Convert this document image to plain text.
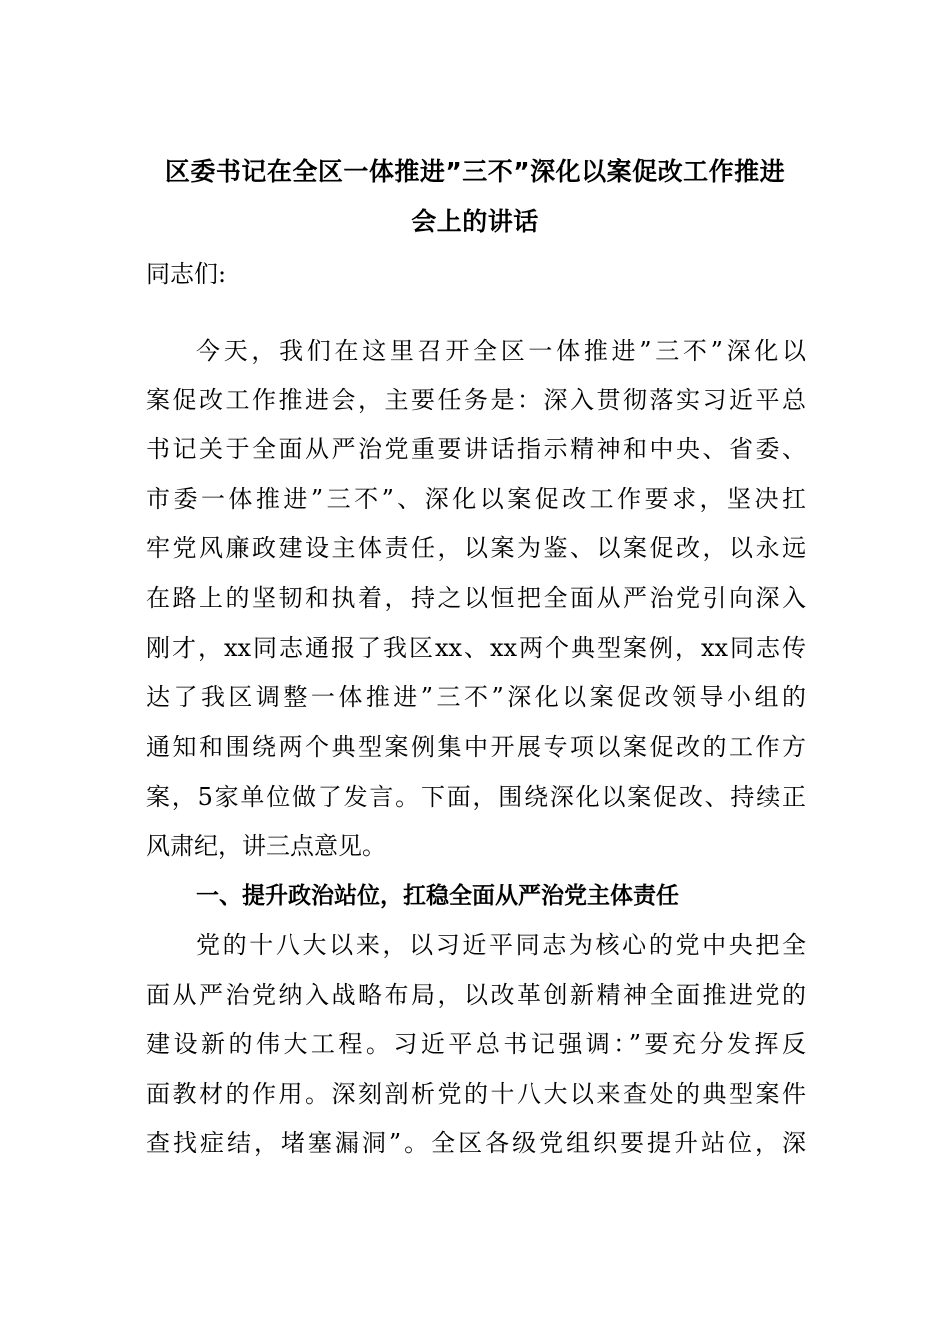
区委书记在全区一体推进”三不”深化以案促改工作推进
会上的讲话
同志们:
今天，我们在这里召开全区一体推进”三不”深化以
案促改工作推进会，主要任务是：深入贯彻落实习近平总
书记关于全面从严治党重要讲话指示精神和中央、省委、
市委一体推进”三不”、深化以案促改工作要求，坚决扛
牢党风廉政建设主体责任，以案为鉴、以案促改，以永远
在路上的坚韧和执着，持之以恒把全面从严治党引向深入
刚才，xx同志通报了我区xx、xx两个典型案例，xx同志传
达了我区调整一体推进”三不”深化以案促改领导小组的
通知和围绕两个典型案例集中开展专项以案促改的工作方
案，5家单位做了发言。下面，围绕深化以案促改、持续正
风肃纪，讲三点意见。
一、提升政治站位，扛稳全面从严治党主体责任
党的十八大以来，以习近平同志为核心的党中央把全
面从严治党纳入战略布局，以改革创新精神全面推进党的
建设新的伟大工程。习近平总书记强调：”要充分发挥反
面教材的作用。深刻剖析党的十八大以来查处的典型案件
查找症结，堵塞漏洞”。全区各级党组织要提升站位，深
